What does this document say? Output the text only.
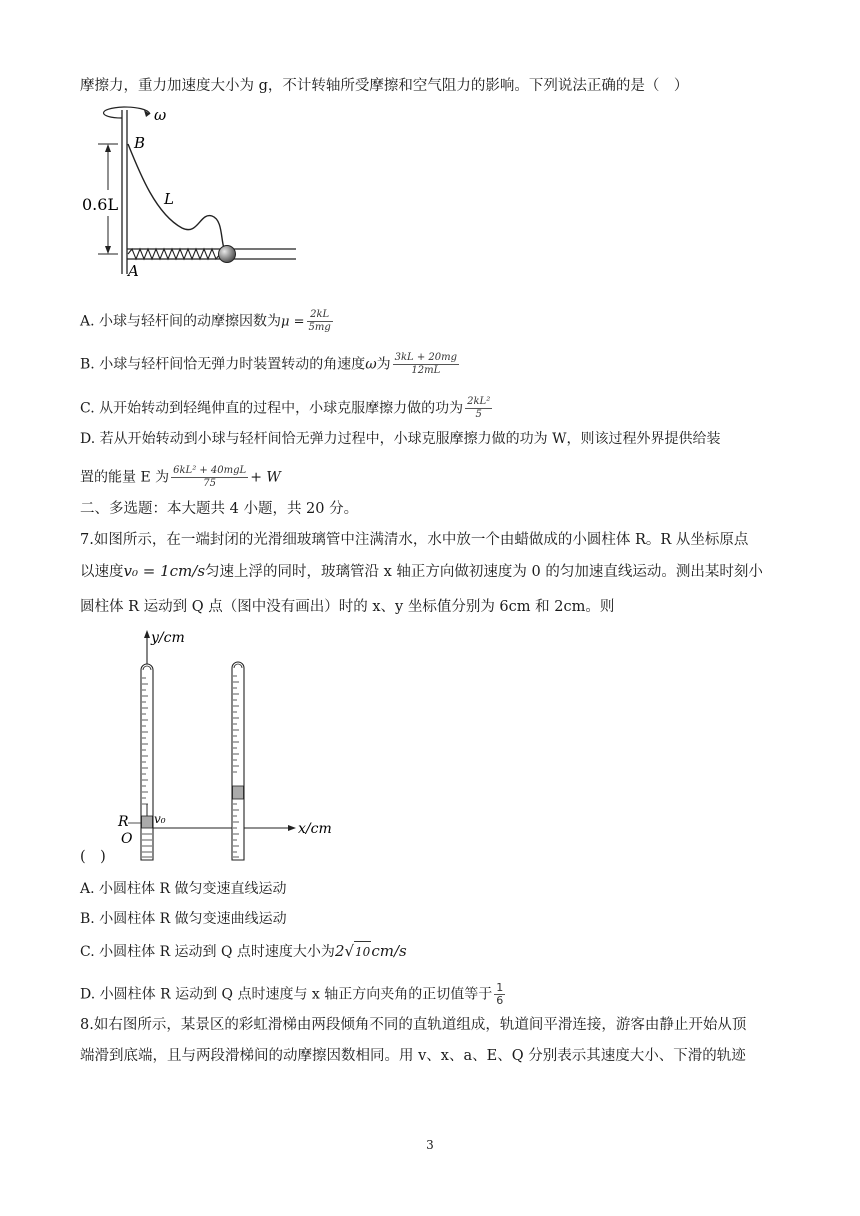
摩擦力，重力加速度大小为 g，不计转轴所受摩擦和空气阻力的影响。下列说法正确的是（　）
ω
B
A
0.6L	L
A. 小球与轻杆间的动摩擦因数为$\mu = \frac{2kL}{5mg}$
B. 小球与轻杆间恰无弹力时装置转动的角速度ω为 $\frac{3kL + 20mg}{12mL}$
C. 从开始转动到轻绳伸直的过程中，小球克服摩擦力做的功为 $\frac{\text{2kL²}}{5}$
D. 若从开始转动到小球与轻杆间恰无弹力过程中，小球克服摩擦力做的功为 W，则该过程外界提供给装
置的能量 E 为 $\frac{\text{6kL² + 40mgL}}{75} + W$
二、多选题：本大题共 4 小题，共 20 分。
7.如图所示，在一端封闭的光滑细玻璃管中注满清水，水中放一个由蜡做成的小圆柱体 R。R 从坐标原点
以速度v₀ = 1cm/s匀速上浮的同时，玻璃管沿 x 轴正方向做初速度为 0 的匀加速直线运动。测出某时刻小
圆柱体 R 运动到 Q 点（图中没有画出）时的 x、y 坐标值分别为 6cm 和 2cm。则
y/cm
x/cm
v₀
R
O
(　)
A. 小圆柱体 R 做匀变速直线运动
B. 小圆柱体 R 做匀变速曲线运动
C. 小圆柱体 R 运动到 Q 点时速度大小为2√10cm/s
D. 小圆柱体 R 运动到 Q 点时速度与 x 轴正方向夹角的正切值等于 $\frac{1}{6}$
8.如右图所示，某景区的彩虹滑梯由两段倾角不同的直轨道组成，轨道间平滑连接，游客由静止开始从顶
端滑到底端，且与两段滑梯间的动摩擦因数相同。用 v、x、a、E、Q 分别表示其速度大小、下滑的轨迹
3
